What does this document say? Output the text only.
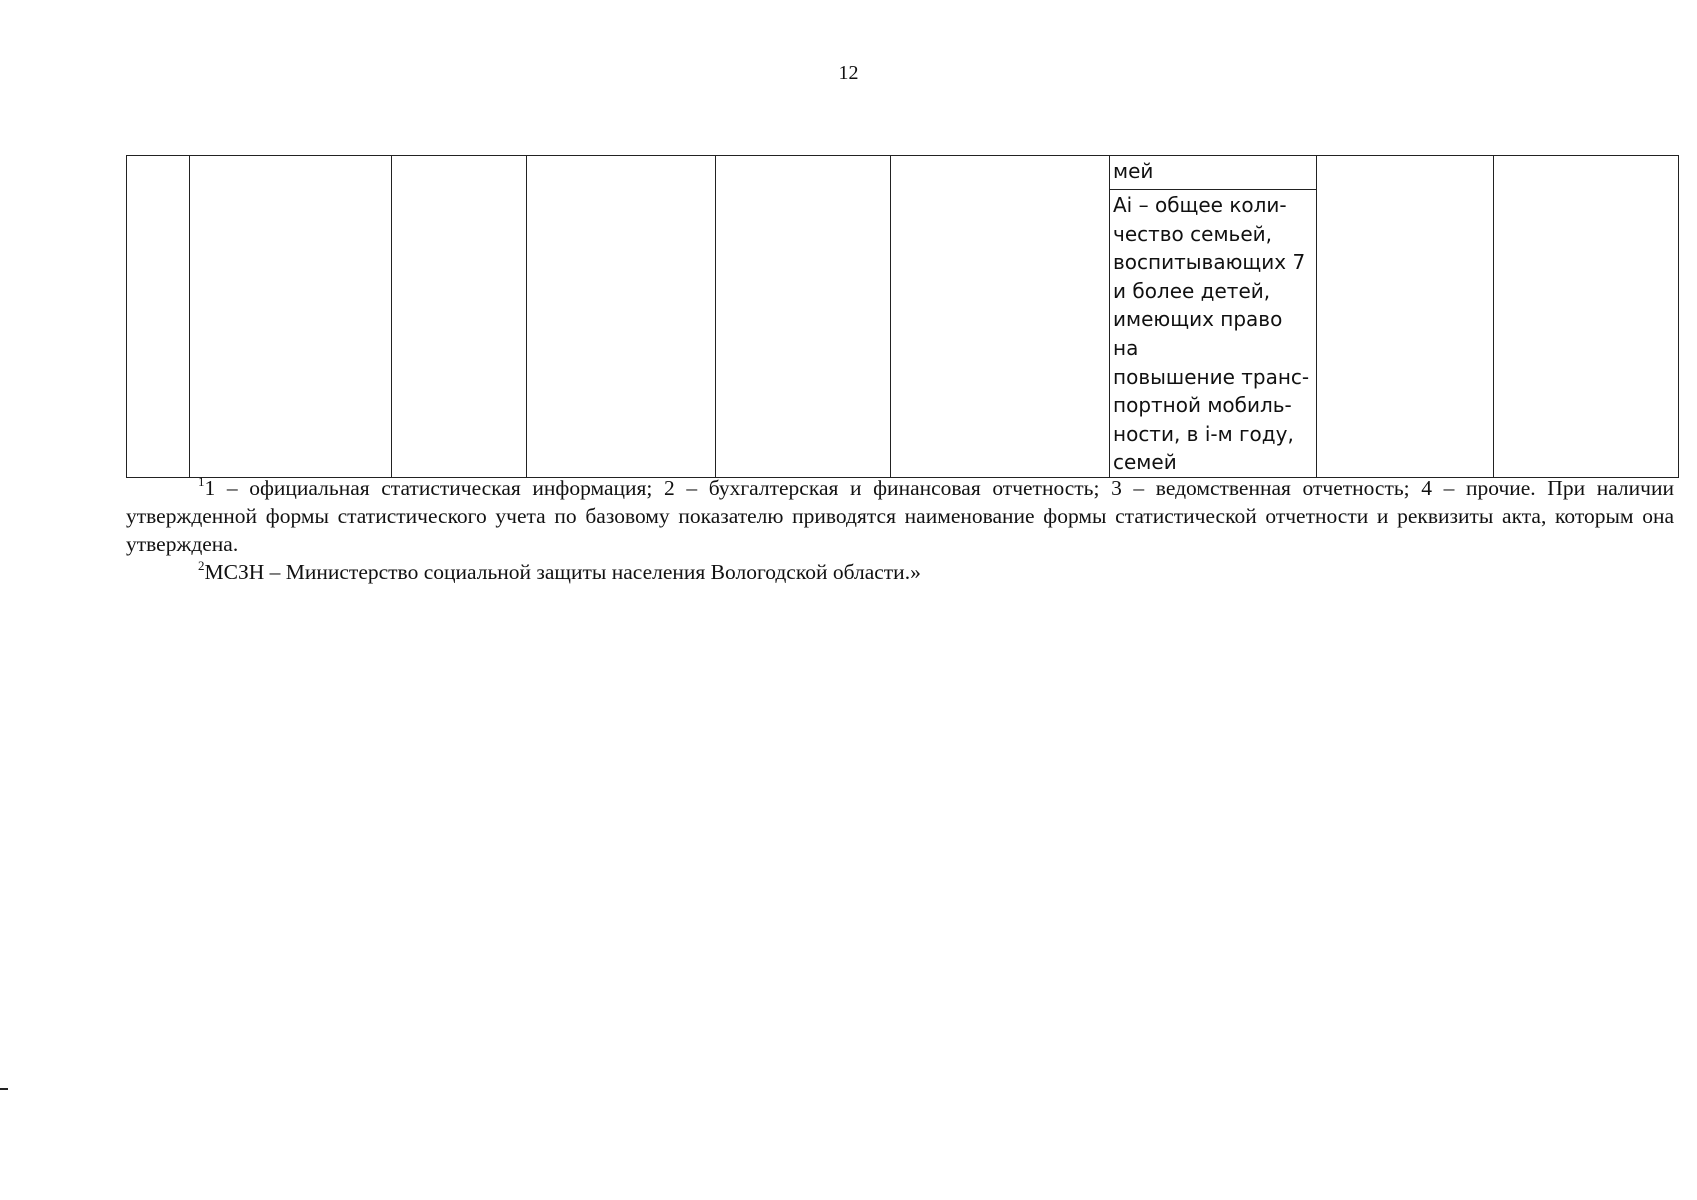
12

мей

Ai – общее коли-
чество семьей,
воспитывающих 7
и более детей,
имеющих право на
повышение транс-
портной мобиль-
ности, в i-м году,
семей

$^1$1 – официальная статистическая информация; 2 – бухгалтерская и финансовая отчетность; 3 – ведомственная отчетность; 4 – прочие. При наличии утвержденной формы статистического учета по базовому показателю приводятся наименование формы статистической отчетности и реквизиты акта, которым она утверждена.

$^2$МСЗН – Министерство социальной защиты населения Вологодской области.»
